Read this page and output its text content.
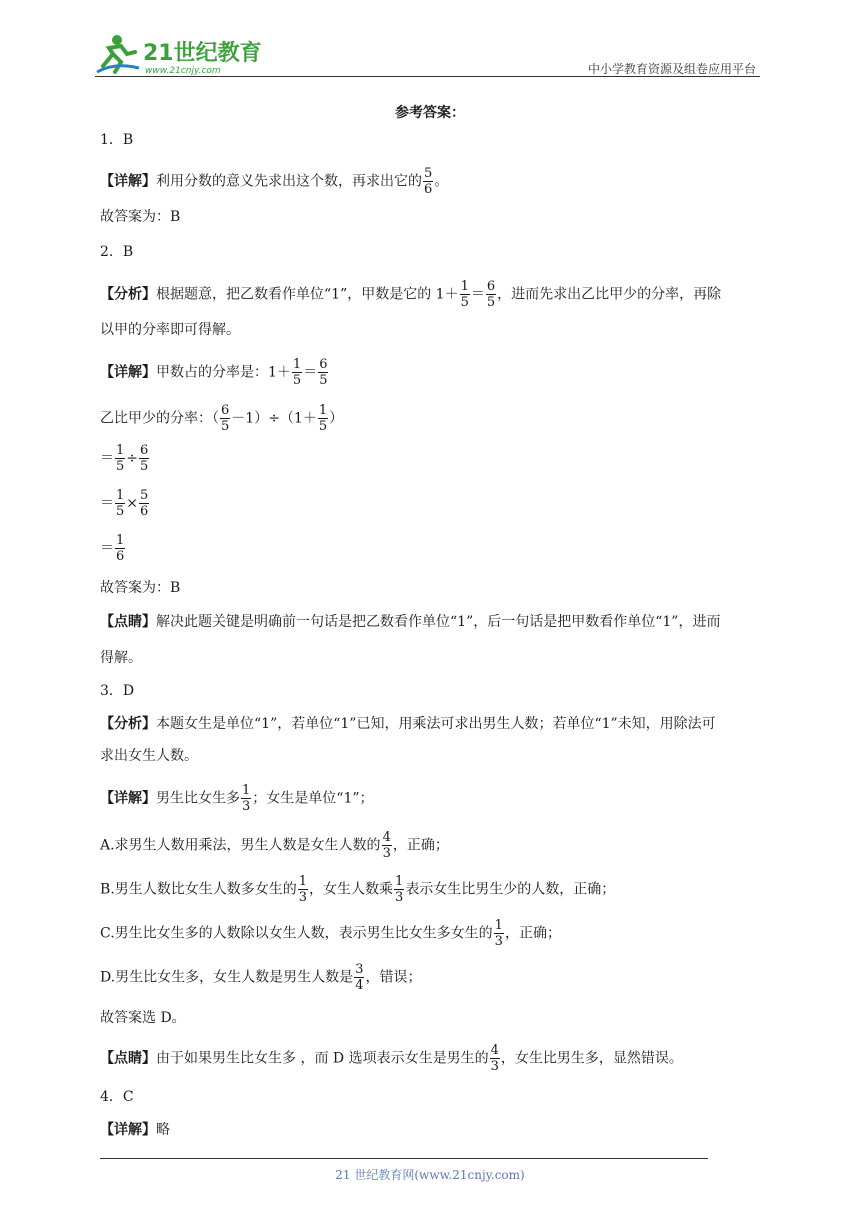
21世纪教育
www.21cnjy.com	中小学教育资源及组卷应用平台
参考答案：
1．B
【详解】利用分数的意义先求出这个数，再求出它的 $\frac{5}{6}$ 。
故答案为：B
2．B
【分析】根据题意，把乙数看作单位“1”，甲数是它的 $1+ \frac{1}{5} = \frac{6}{5}$ ，进而先求出乙比甲少的分率，再除
以甲的分率即可得解。
【详解】甲数占的分率是：$1+ \frac{1}{5} = \frac{6}{5}$
乙比甲少的分率：（ $\frac{6}{5} -1)\div(1+ \frac{1}{5}$ ）
＝ $\frac{1}{5} \div \frac{6}{5}$
＝ $\frac{1}{5} \times \frac{5}{6}$
＝ $\frac{1}{6}$
故答案为：B
【点睛】解决此题关键是明确前一句话是把乙数看作单位“1”，后一句话是把甲数看作单位“1”，进而
得解。
3．D
【分析】本题女生是单位“1”，若单位“1”已知，用乘法可求出男生人数；若单位“1”未知，用除法可
求出女生人数。
【详解】男生比女生多 $\frac{1}{3}$ ；女生是单位“1”；
A.求男生人数用乘法，男生人数是女生人数的 $\frac{4}{3}$ ，正确；
B.男生人数比女生人数多女生的 $\frac{1}{3}$ ，女生人数乘 $\frac{1}{3}$ 表示女生比男生少的人数，正确；
C.男生比女生多的人数除以女生人数，表示男生比女生多女生的 $\frac{1}{3}$ ，正确；
D.男生比女生多，女生人数是男生人数是 $\frac{3}{4}$ ，错误；
故答案选 D。
【点睛】由于如果男生比女生多 ，而 D 选项表示女生是男生的 $\frac{4}{3}$ ，女生比男生多，显然错误。
4．C
【详解】略
21 世纪教育网(www.21cnjy.com)
